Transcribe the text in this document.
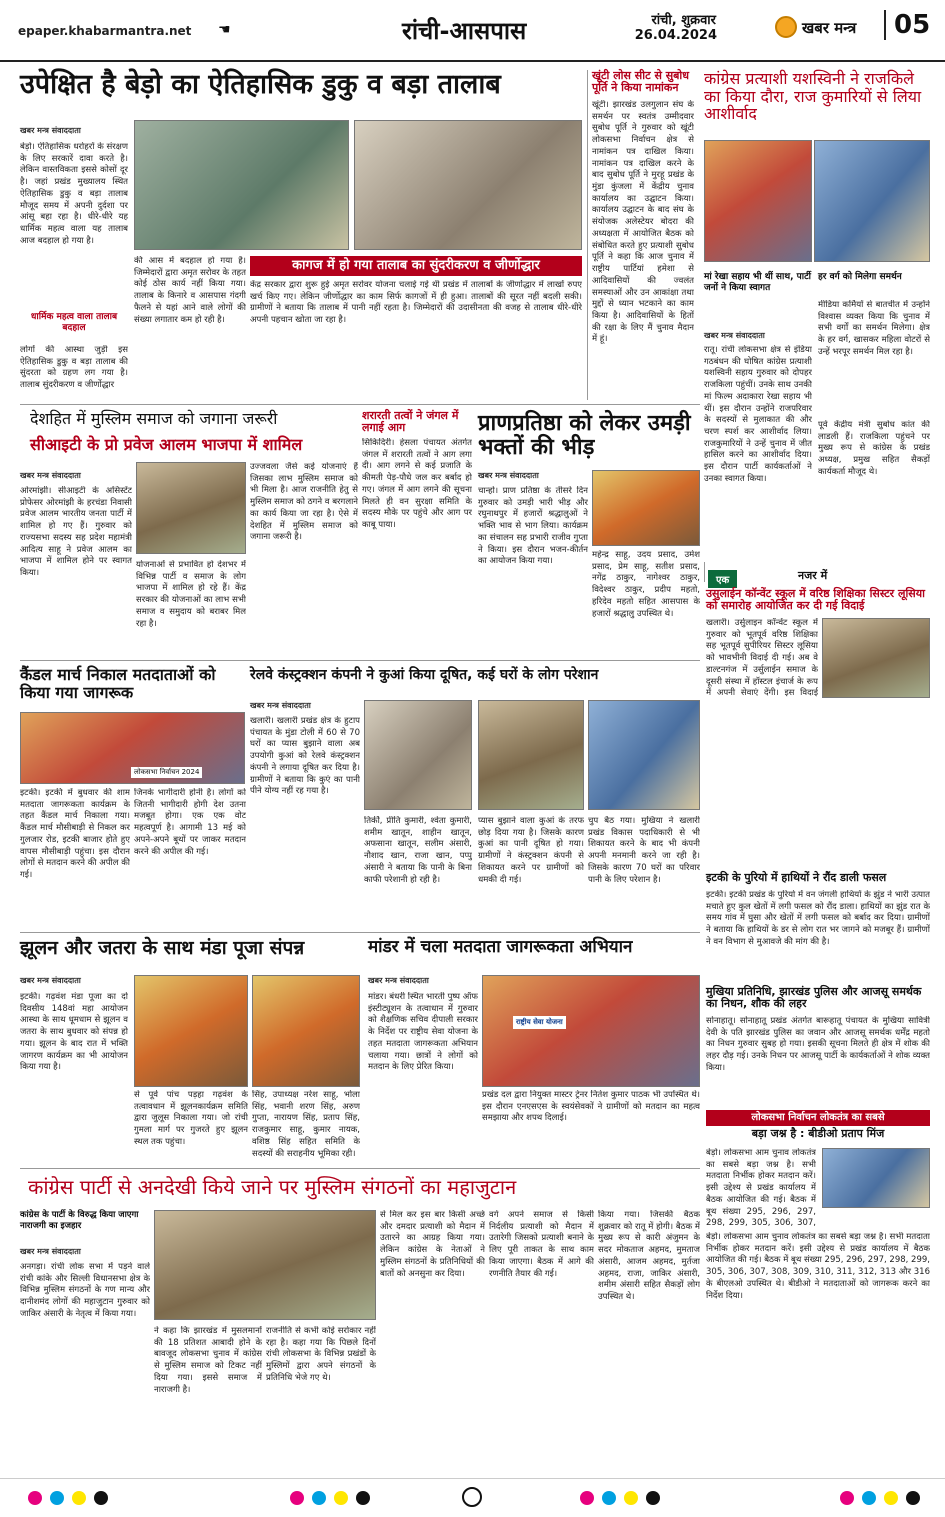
epaper.khabarmantra.net ☚	रांची-आसपास	रांची, शुक्रवार
26.04.2024	खबर मन्त्र	05
उपेक्षित है बेड़ो का ऐतिहासिक डुकु व बड़ा तालाब
खबर मन्त्र संवाददाता
बेड़ो। ऐतिहासिक धरोहरों के संरक्षण के लिए सरकारें दावा करते है। लेकिन वास्तविकता इससे कोसों दूर है। जहां प्रखंड मुख्यालय स्थित ऐतिहासिक डुकु व बड़ा तालाब मौजूद समय में अपनी दुर्दशा पर आंसू बहा रहा है। धीरे-धीरे यह धार्मिक महत्व वाला यह तालाब आज बदहाल हो गया है।
धार्मिक महत्व वाला तालाब बदहाल
लोगों की आस्था जुड़ी इस ऐतिहासिक डुकु व बड़ा तालाब की सुंदरता को ग्रहण लग गया है। तालाब सुंदरीकरण व जीर्णोद्धार
की आस में बदहाल हो गया है। जिम्मेदारों द्वारा अमृत सरोवर के तहत कोई ठोस कार्य नहीं किया गया। तालाब के किनारे व आसपास गंदगी फैलने से यहां आने वाले लोगों की संख्या लगातार कम हो रही है।
कागज में हो गया तालाब का सुंदरीकरण व जीर्णोद्धार
केंद्र सरकार द्वारा शुरू हुई अमृत सरोवर योजना चलाई गई थी प्रखंड में तालाबों के जीर्णोद्धार में लाखों रुपए खर्च किए गए। लेकिन जीर्णोद्धार का काम सिर्फ कागजों में ही हुआ। तालाबों की सूरत नहीं बदली सकी। ग्रामीणों ने बताया कि तालाब में पानी नहीं रहता है। जिम्मेदारों की उदासीनता की वजह से तालाब धीरे-धीरे अपनी पहचान खोता जा रहा है।
खूंटी लोस सीट से सुबोध पूर्ति ने किया नामांकन
खूंटी। झारखंड उलगुलान संघ के समर्थन पर स्वतंत्र उम्मीदवार सुबोध पूर्ति ने गुरुवार को खूंटी लोकसभा निर्वाचन क्षेत्र से नामांकन पत्र दाखिल किया। नामांकन पत्र दाखिल करने के बाद सुबोध पूर्ति ने मुरहू प्रखंड के मुंडा कुंजला में केंद्रीय चुनाव कार्यालय का उद्घाटन किया। कार्यालय उद्घाटन के बाद संघ के संयोजक अलेस्टेयर बोदरा की अध्यक्षता में आयोजित बैठक को संबोधित करते हुए प्रत्याशी सुबोध पूर्ति ने कहा कि आज चुनाव में राष्ट्रीय पार्टियां हमेशा से आदिवासियों की ज्वलंत समस्याओं और उन आकांक्षा तथा मुद्दों से ध्यान भटकाने का काम किया है। आदिवासियों के हितों की रक्षा के लिए मैं चुनाव मैदान में हूं।
कांग्रेस प्रत्याशी यशस्विनी ने राजकिले का किया दौरा, राज कुमारियों से लिया आशीर्वाद
मां रेखा सहाय भी थीं साथ, पार्टी जनों ने किया स्वागत
हर वर्ग को मिलेगा समर्थन
मीडिया कर्मियों से बातचीत में उन्होंने विश्वास व्यक्त किया कि चुनाव में सभी वर्गों का समर्थन मिलेगा। क्षेत्र के हर वर्ग, खासकर महिला वोटरों से उन्हें भरपूर समर्थन मिल रहा है।
खबर मन्त्र संवाददाता
रातू। रांची लोकसभा क्षेत्र से इंडिया गठबंधन की घोषित कांग्रेस प्रत्याशी यशस्विनी सहाय गुरुवार को दोपहर राजकिला पहुंचीं। उनके साथ उनकी मां फिल्म अदाकारा रेखा सहाय भी थीं। इस दौरान उन्होंने राजपरिवार के सदस्यों से मुलाकात की और चरण स्पर्श कर आशीर्वाद लिया। राजकुमारियों ने उन्हें चुनाव में जीत हासिल करने का आशीर्वाद दिया। इस दौरान पार्टी कार्यकर्ताओं ने उनका स्वागत किया।
पूर्व केंद्रीय मंत्री सुबोध कांत की लाडली हैं। राजकिला पहुंचने पर मुख्य रूप से कांग्रेस के प्रखंड अध्यक्ष, प्रमुख सहित सैकड़ों कार्यकर्ता मौजूद थे।
देशहित में मुस्लिम समाज को जगाना जरूरी
सीआइटी के प्रो प्रवेज आलम भाजपा में शामिल
खबर मन्त्र संवाददाता
ओरमांझी। सीआइटी के असिस्टेंट प्रोफेसर ओरमांझी के हरचंडा निवासी प्रवेज आलम भारतीय जनता पार्टी में शामिल हो गए हैं। गुरुवार को राज्यसभा सदस्य सह प्रदेश महामंत्री आदित्य साहू ने प्रवेज आलम का भाजपा में शामिल होने पर स्वागत किया।
योजनाओं से प्रभावित हो देशभर में विभिन्न पार्टी व समाज के लोग भाजपा में शामिल हो रहे हैं। केंद्र सरकार की योजनाओं का लाभ सभी समाज व समुदाय को बराबर मिल रहा है।
उज्जवला जैसे कई योजनाएं हैं जिसका लाभ मुस्लिम समाज को भी मिला है। आज राजनीति हेतु से मुस्लिम समाज को ठगने व बरगलाने का कार्य किया जा रहा है। ऐसे में देशहित में मुस्लिम समाज को जगाना जरूरी है।
शरारती तत्वों ने जंगल में लगाई आग
सिकिदिरी। हेसला पंचायत अंतर्गत जंगल में शरारती तत्वों ने आग लगा दी। आग लगने से कई प्रजाति के कीमती पेड़-पौधे जल कर बर्बाद हो गए। जंगल में आग लगने की सूचना मिलते ही वन सुरक्षा समिति के सदस्य मौके पर पहुंचे और आग पर काबू पाया।
प्राणप्रतिष्ठा को लेकर उमड़ी भक्तों की भीड़
खबर मन्त्र संवाददाता
चान्हो। प्राण प्रतिष्ठा के तीसरे दिन गुरुवार को उमड़ी भारी भीड़ और रघुनाथपुर में हजारों श्रद्धालुओं ने भक्ति भाव से भाग लिया। कार्यक्रम का संचालन सह प्रभारी राजीव गुप्ता ने किया। इस दौरान भजन-कीर्तन का आयोजन किया गया।
महेन्द्र साहू, उदय प्रसाद, उमेश प्रसाद, प्रेम साहू, सतीश प्रसाद, नगेंद्र ठाकुर, नागेश्वर ठाकुर, विदेश्वर ठाकुर, प्रदीप महतो, हरिदेव महतो सहित आसपास के हजारों श्रद्धालु उपस्थित थे।
एक	नजर में
उसुलाईन कॉन्वेंट स्कूल में वरिष्ठ शिक्षिका सिस्टर लूसिया को समारोह आयोजित कर दी गई विदाई
खलारी। उर्सुलाइन कॉन्वेंट स्कूल में गुरुवार को भूतपूर्व वरिष्ठ शिक्षिका सह भूतपूर्व सुपीरियर सिस्टर लूसिया को भावभीनी विदाई दी गई। अब वे डाल्टनगंज में उर्सुलाईन समाज के दूसरी संस्था में हॉस्टल इंचार्ज के रूप में अपनी सेवाएं देंगी। इस विदाई
इटकी के पुरियो में हाथियों ने रौंद डाली फसल
इटकी। इटकी प्रखंड के पुरियो में वन जंगली हाथियों के झुंड ने भारी उत्पात मचाते हुए कुल खेतों में लगी फसल को रौंद डाला। हाथियों का झुंड रात के समय गांव में घुसा और खेतों में लगी फसल को बर्बाद कर दिया। ग्रामीणों ने बताया कि हाथियों के डर से लोग रात भर जागने को मजबूर हैं। ग्रामीणों ने वन विभाग से मुआवजे की मांग की है।
मुखिया प्रतिनिधि, झारखंड पुलिस और आजसू समर्थक का निधन, शौक की लहर
सोनाहातू। सोनाहातू प्रखंड अंतर्गत बारूहातू पंचायत के मुखिया सावित्री देवी के पति झारखंड पुलिस का जवान और आजसू समर्थक धर्मेंद्र महतो का निधन गुरुवार सुबह हो गया। इसकी सूचना मिलते ही क्षेत्र में शोक की लहर दौड़ गई। उनके निधन पर आजसू पार्टी के कार्यकर्ताओं ने शोक व्यक्त किया।
लोकसभा निर्वाचन लोकतंत्र का सबसे
बड़ा जश्न है : बीडीओ प्रताप मिंज
बेड़ो। लोकसभा आम चुनाव लोकतंत्र का सबसे बड़ा जश्न है। सभी मतदाता निर्भीक होकर मतदान करें। इसी उद्देश्य से प्रखंड कार्यालय में बैठक आयोजित की गई। बैठक में बूथ संख्या 295, 296, 297, 298, 299, 305, 306, 307,
बेड़ो। लोकसभा आम चुनाव लोकतंत्र का सबसे बड़ा जश्न है। सभी मतदाता निर्भीक होकर मतदान करें। इसी उद्देश्य से प्रखंड कार्यालय में बैठक आयोजित की गई। बैठक में बूथ संख्या 295, 296, 297, 298, 299, 305, 306, 307, 308, 309, 310, 311, 312, 313 और 316 के बीएलओ उपस्थित थे। बीडीओ ने मतदाताओं को जागरूक करने का निर्देश दिया।
कैंडल मार्च निकाल मतदाताओं को किया गया जागरूक
लोकसभा निर्वाचन 2024
इटकी। इटकी में बुधवार की शाम मतदाता जागरूकता कार्यक्रम के तहत कैंडल मार्च निकाला गया। कैंडल मार्च मौसीबाड़ी से निकल कर गुलजार रोड, इटकी बाजार होते हुए वापस मौसीबाड़ी पहुंचा। इस दौरान लोगों से मतदान करने की अपील की गई।
जिनके भागीदारी होनी है। लोगों को जितनी भागीदारी होगी देश उतना मजबूत होगा। एक एक वोट महत्वपूर्ण है। आगामी 13 मई को अपने-अपने बूथों पर जाकर मतदान करने की अपील की गई।
रेलवे कंस्ट्रक्शन कंपनी ने कुआं किया दूषित, कई घरों के लोग परेशान
खबर मन्त्र संवाददाता
खलारी। खलारी प्रखंड क्षेत्र के हुटाप पंचायत के मुंडा टोली में 60 से 70 घरों का प्यास बुझाने वाला अब उपयोगी कुआं को रेलवे कंस्ट्रक्शन कंपनी ने लगाया दूषित कर दिया है। ग्रामीणों ने बताया कि कुएं का पानी पीने योग्य नहीं रह गया है।
तिर्की, प्रीति कुमारी, श्वेता कुमारी, शमीम खातून, शाहीन खातून, अफसाना खातून, सलीम अंसारी, नौशाद खान, राजा खान, पप्पु अंसारी ने बताया कि पानी के बिना काफी परेशानी हो रही है।
प्यास बुझाने वाला कुआं के तरफ छोड़ दिया गया है। जिसके कारण कुआं का पानी दूषित हो गया। ग्रामीणों ने कंस्ट्रक्शन कंपनी से शिकायत करने पर ग्रामीणों को धमकी दी गई।
चुप बैठ गया। मुखिया ने खलारी प्रखंड विकास पदाधिकारी से भी शिकायत करने के बाद भी कंपनी अपनी मनमानी करने जा रही है। जिसके कारण 70 घरों का परिवार पानी के लिए परेशान है।
झूलन और जतरा के साथ मंडा पूजा संपन्न
खबर मन्त्र संवाददाता
इटकी। गढ़वंश मंडा पूजा का दो दिवसीय 148वां महा आयोजन आस्था के साथ धूमधाम से झूलन व जतरा के साथ बुधवार को संपन्न हो गया। झूलन के बाद रात में भक्ति जागरण कार्यक्रम का भी आयोजन किया गया है।
से पूर्व पांच पड़हा गढ़वंश के तत्वावधान में झूलनकार्यक्रम समिति द्वारा जुलूस निकाला गया। जो रांची गुमला मार्ग पर गुजरते हुए झूलन स्थल तक पहुंचा।
सिंह, उपाध्यक्ष नरेश साहू, भोला सिंह, भवानी शरण सिंह, अरुण गुप्ता, नारायण सिंह, प्रताप सिंह, राजकुमार साहू, कुमार नायक, वशिष्ठ सिंह सहित समिति के सदस्यों की सराहनीय भूमिका रही।
मांडर में चला मतदाता जागरूकता अभियान
खबर मन्त्र संवाददाता
मांडर। बंधरी स्थित भारती पुष्प ऑफ इंस्टीट्यूशन के तत्वाधान में गुरुवार को शैक्षणिक सचिव दीपाली सरकार के निर्देश पर राष्ट्रीय सेवा योजना के तहत मतदाता जागरूकता अभियान चलाया गया। छात्रों ने लोगों को मतदान के लिए प्रेरित किया।
राष्ट्रीय सेवा योजना
प्रखंड दल द्वारा नियुक्त मास्टर ट्रेनर नितेश कुमार पाठक भी उपस्थित थे। इस दौरान एनएसएस के स्वयंसेवकों ने ग्रामीणों को मतदान का महत्व समझाया और शपथ दिलाई।
कांग्रेस पार्टी से अनदेखी किये जाने पर मुस्लिम संगठनों का महाजुटान
कांग्रेस के पार्टी के विरुद्ध किया जाएगा नाराजगी का इजहार
खबर मन्त्र संवाददाता
अनगड़ा। रांची लोक सभा में पड़ने वाले रांची कांके और सिल्ली विधानसभा क्षेत्र के विभिन्न मुस्लिम संगठनों के गण मान्य और दानीशमंद लोगों की महाजुटान गुरुवार को जाकिर अंसारी के नेतृत्व में किया गया।
ने कहा कि झारखंड में मुसलमानों की 18 प्रतिशत आबादी होने के बावजूद लोकसभा चुनाव में कांग्रेस से मुस्लिम समाज को टिकट नहीं दिया गया। इससे समाज में नाराजगी है।
राजनीति से कभी कोई सरोकार नहीं रहा है। कहा गया कि पिछले दिनों रांची लोकसभा के विभिन्न प्रखंडों के मुस्लिमों द्वारा अपने संगठनों के प्रतिनिधि भेजे गए थे।
से मिल कर इस बार किसी अच्छे और दमदार प्रत्याशी को मैदान में उतारने का आग्रह किया गया। लेकिन कांग्रेस के नेताओं ने मुस्लिम संगठनों के प्रतिनिधियों की बातों को अनसुना कर दिया।
वर्ग अपने समाज से किसी निर्दलीय प्रत्याशी को मैदान में उतारेगी जिसको प्रत्याशी बनाने के लिए पूरी ताकत के साथ काम किया जाएगा। बैठक में आगे की रणनीति तैयार की गई।
किया गया। जिसकी बैठक शुक्रवार को रातू में होगी। बैठक में मुख्य रूप से कारी अंजुमन के सदर मोकताज अहमद, मुमताज अंसारी, आजम अहमद, मुर्तजा अहमद, राजा, जाकिर अंसारी, शमीम अंसारी सहित सैकड़ों लोग उपस्थित थे।
